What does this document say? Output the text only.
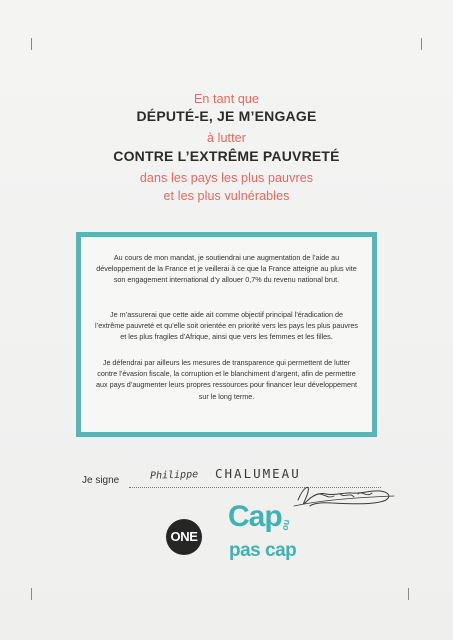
En tant que
DÉPUTÉ-E, JE M’ENGAGE
à lutter
CONTRE L’EXTRÊME PAUVRETÉ
dans les pays les plus pauvres
et les plus vulnérables
Au cours de mon mandat, je soutiendrai une augmentation de l’aide au développement de la France et je veillerai à ce que la France atteigne au plus vite son engagement international d’y allouer 0,7% du revenu national brut.
Je m’assurerai que cette aide ait comme objectif principal l’éradication de l’extrême pauvreté et qu’elle soit orientée en priorité vers les pays les plus pauvres et les plus fragiles d’Afrique, ainsi que vers les femmes et les filles.
Je défendrai par ailleurs les mesures de transparence qui permettent de lutter contre l’évasion fiscale, la corruption et le blanchiment d’argent, afin de permettre aux pays d’augmenter leurs propres ressources pour financer leur développement sur le long terme.
Je signe	Philippe CHALUMEAU
ONE
Cap
ou
pas cap
